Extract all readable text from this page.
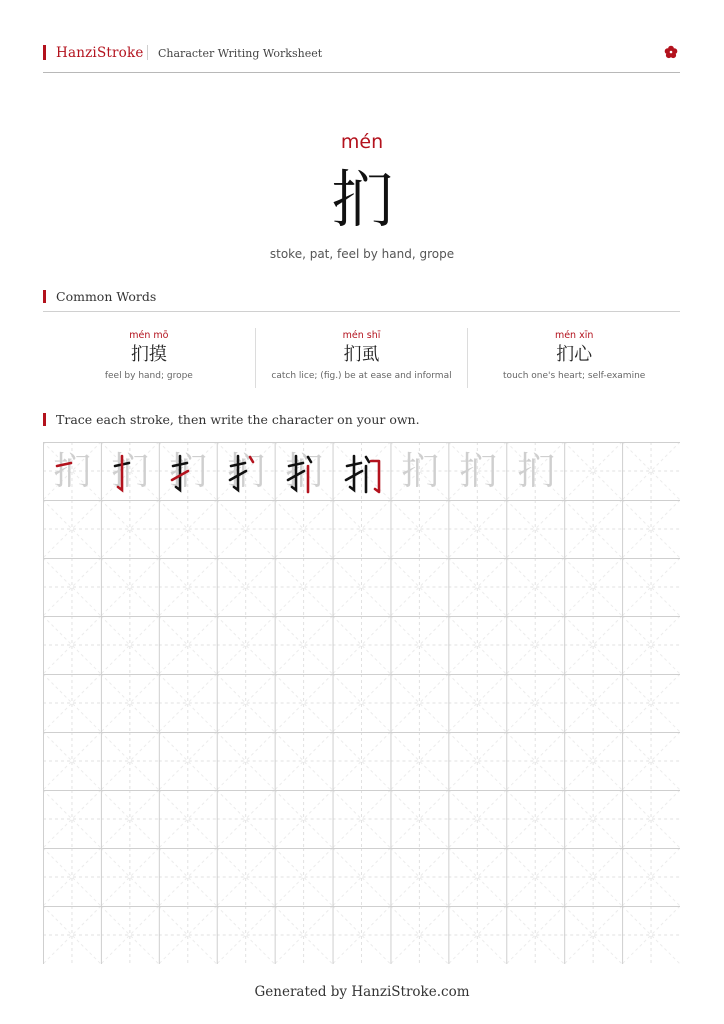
HanziStroke Character Writing Worksheet
mén
扪
stoke, pat, feel by hand, grope
Common Words
mén mō
扪摸
feel by hand; grope
mén shī
扪虱
catch lice; (fig.) be at ease and informal
mén xīn
扪心
touch one's heart; self-examine
Trace each stroke, then write the character on your own.
扪 扪 扪 扪 扪 扪 扪 扪
Generated by HanziStroke.com
